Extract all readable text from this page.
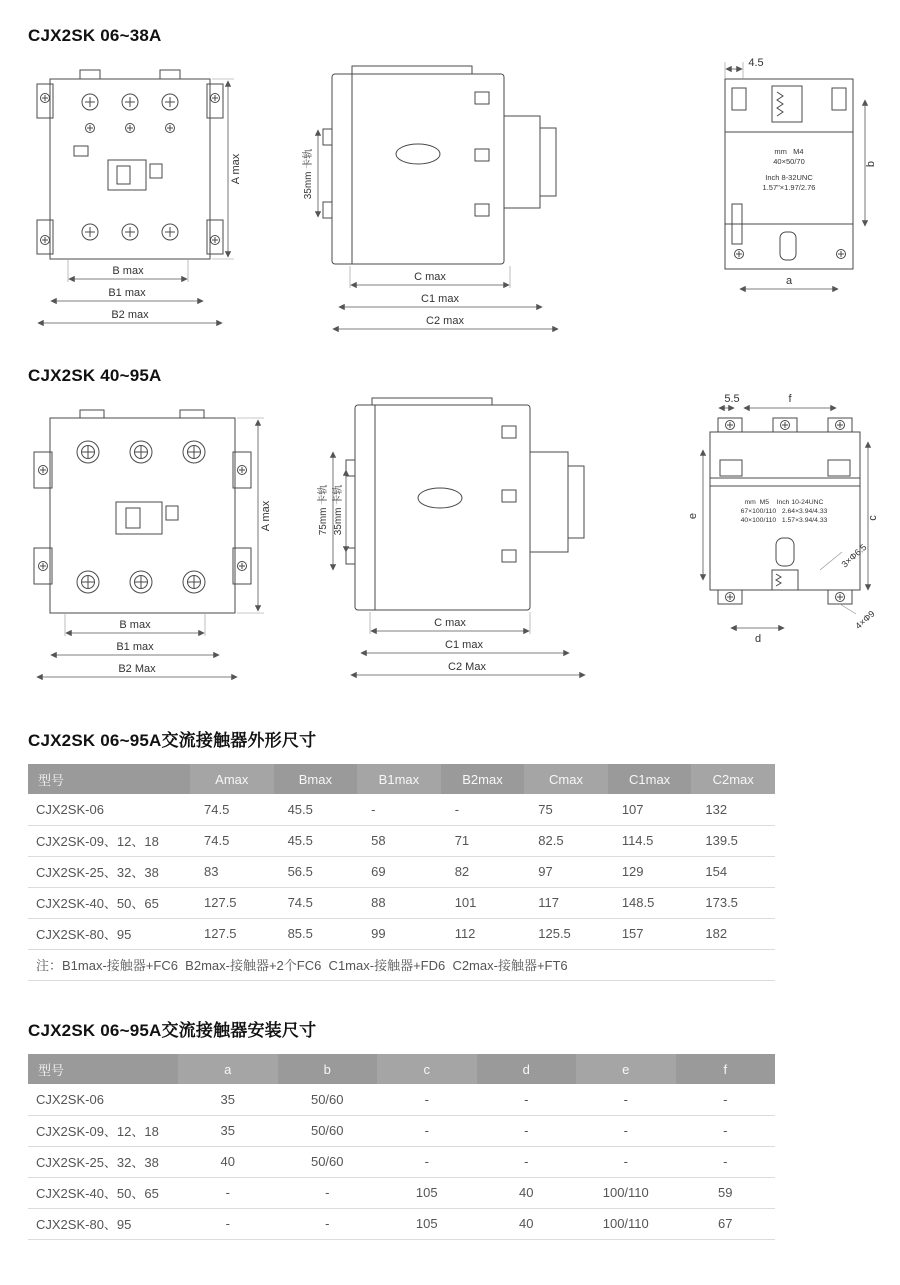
CJX2SK 06~38A
A max
B max
B1 max
B2 max
35mm 卡轨
C max
C1 max
C2 max
4.5
mm   M4
40×50/70
Inch 8-32UNC
1.57"×1.97/2.76
b
a
CJX2SK 40~95A
A max
B max
B1 max
B2 Max
75mm 卡轨 35mm 卡轨
C max
C1 max
C2 Max
5.5	f
e	c
mm  M5    Inch 10-24UNC
67×100/110   2.64×3.94/4.33
40×100/110   1.57×3.94/4.33
3×Φ6.5
4×Φ9
d
CJX2SK 06~95A交流接触器外形尺寸
型号	Amax	Bmax	B1max	B2max	Cmax	C1max	C2max
CJX2SK-06	74.5	45.5	-	-	75	107	132
CJX2SK-09、12、18	74.5	45.5	58	71	82.5	114.5	139.5
CJX2SK-25、32、38	83	56.5	69	82	97	129	154
CJX2SK-40、50、65	127.5	74.5	88	101	117	148.5	173.5
CJX2SK-80、95	127.5	85.5	99	112	125.5	157	182
注：B1max-接触器+FC6  B2max-接触器+2个FC6  C1max-接触器+FD6  C2max-接触器+FT6							
CJX2SK 06~95A交流接触器安装尺寸
型号	a	b	c	d	e	f
CJX2SK-06	35	50/60	-	-	-	-
CJX2SK-09、12、18	35	50/60	-	-	-	-
CJX2SK-25、32、38	40	50/60	-	-	-	-
CJX2SK-40、50、65	-	-	105	40	100/110	59
CJX2SK-80、95	-	-	105	40	100/110	67
